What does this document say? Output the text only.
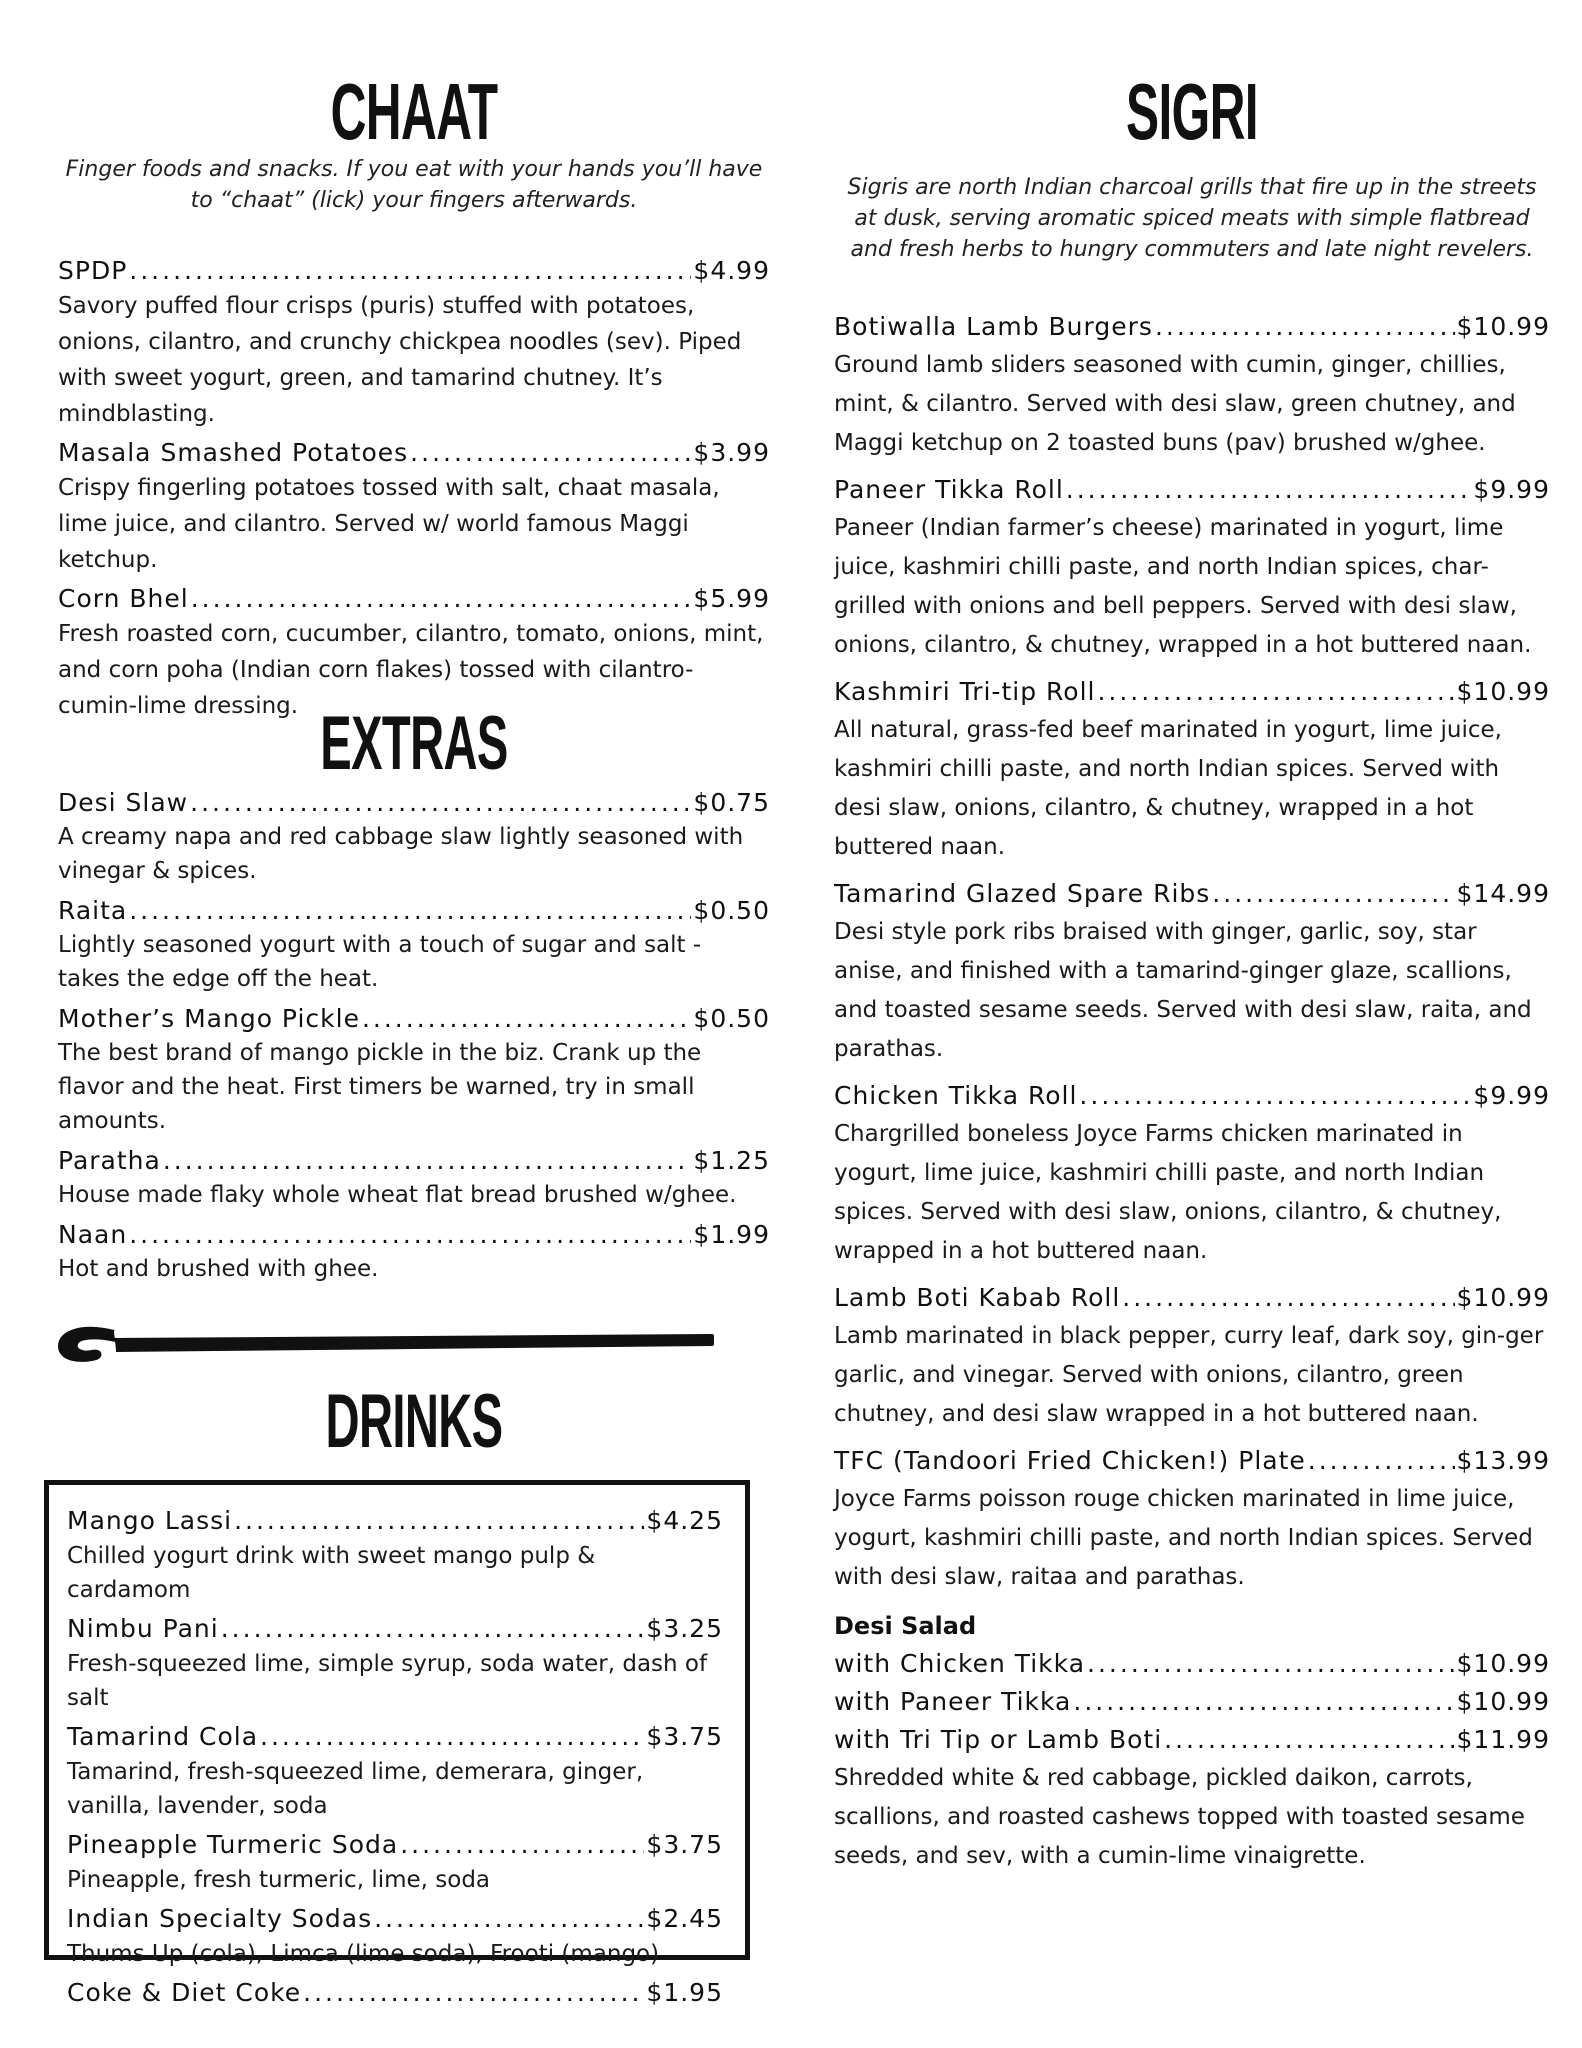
CHAAT

Finger foods and snacks. If you eat with your hands you’ll have to “chaat” (lick) your fingers afterwards.

SPDP .....	$4.99
Savory puffed flour crisps (puris) stuffed with potatoes, onions, cilantro, and crunchy chickpea noodles (sev). Piped with sweet yogurt, green, and tamarind chutney. It’s mindblasting.
Masala Smashed Potatoes .....	$3.99
Crispy fingerling potatoes tossed with salt, chaat masala, lime juice, and cilantro. Served w/ world famous Maggi ketchup.
Corn Bhel .....	$5.99
Fresh roasted corn, cucumber, cilantro, tomato, onions, mint, and corn poha (Indian corn flakes) tossed with cilantro-cumin-lime dressing. EXTRAS
Desi Slaw .....	$0.75
A creamy napa and red cabbage slaw lightly seasoned with vinegar & spices.
Raita .....	$0.50
Lightly seasoned yogurt with a touch of sugar and salt - takes the edge off the heat.
Mother’s Mango Pickle .....	$0.50
The best brand of mango pickle in the biz. Crank up the flavor and the heat. First timers be warned, try in small amounts.
Paratha .....	$1.25
House made flaky whole wheat flat bread brushed w/ghee.
Naan .....	$1.99
Hot and brushed with ghee.
DRINKS
Mango Lassi .....	$4.25
Chilled yogurt drink with sweet mango pulp & cardamom
Nimbu Pani .....	$3.25
Fresh-squeezed lime, simple syrup, soda water, dash of salt
Tamarind Cola .....	$3.75
Tamarind, fresh-squeezed lime, demerara, ginger, vanilla, lavender, soda
Pineapple Turmeric Soda .....	$3.75
Pineapple, fresh turmeric, lime, soda
Indian Specialty Sodas .....	$2.45
Thums Up (cola), Limca (lime soda), Frooti (mango)
Coke & Diet Coke .....	$1.95
SIGRI

Sigris are north Indian charcoal grills that fire up in the streets at dusk, serving aromatic spiced meats with simple flatbread and fresh herbs to hungry commuters and late night revelers.

Botiwalla Lamb Burgers .....	$10.99
Ground lamb sliders seasoned with cumin, ginger, chillies, mint, & cilantro. Served with desi slaw, green chutney, and Maggi ketchup on 2 toasted buns (pav) brushed w/ghee.
Paneer Tikka Roll .....	$9.99
Paneer (Indian farmer’s cheese) marinated in yogurt, lime juice, kashmiri chilli paste, and north Indian spices, char-grilled with onions and bell peppers. Served with desi slaw, onions, cilantro, & chutney, wrapped in a hot buttered naan.
Kashmiri Tri-tip Roll .....	$10.99
All natural, grass-fed beef marinated in yogurt, lime juice, kashmiri chilli paste, and north Indian spices. Served with desi slaw, onions, cilantro, & chutney, wrapped in a hot buttered naan.
Tamarind Glazed Spare Ribs .....	$14.99
Desi style pork ribs braised with ginger, garlic, soy, star anise, and finished with a tamarind-ginger glaze, scallions, and toasted sesame seeds. Served with desi slaw, raita, and parathas.
Chicken Tikka Roll .....	$9.99
Chargrilled boneless Joyce Farms chicken marinated in yogurt, lime juice, kashmiri chilli paste, and north Indian spices. Served with desi slaw, onions, cilantro, & chutney, wrapped in a hot buttered naan.
Lamb Boti Kabab Roll .....	$10.99
Lamb marinated in black pepper, curry leaf, dark soy, gin-ger garlic, and vinegar. Served with onions, cilantro, green chutney, and desi slaw wrapped in a hot buttered naan.
TFC (Tandoori Fried Chicken!) Plate .....	$13.99
Joyce Farms poisson rouge chicken marinated in lime juice, yogurt, kashmiri chilli paste, and north Indian spices. Served with desi slaw, raitaa and parathas.
Desi Salad
with Chicken Tikka .....	$10.99
with Paneer Tikka .....	$10.99
with Tri Tip or Lamb Boti .....	$11.99
Shredded white & red cabbage, pickled daikon, carrots, scallions, and roasted cashews topped with toasted sesame seeds, and sev, with a cumin-lime vinaigrette.
